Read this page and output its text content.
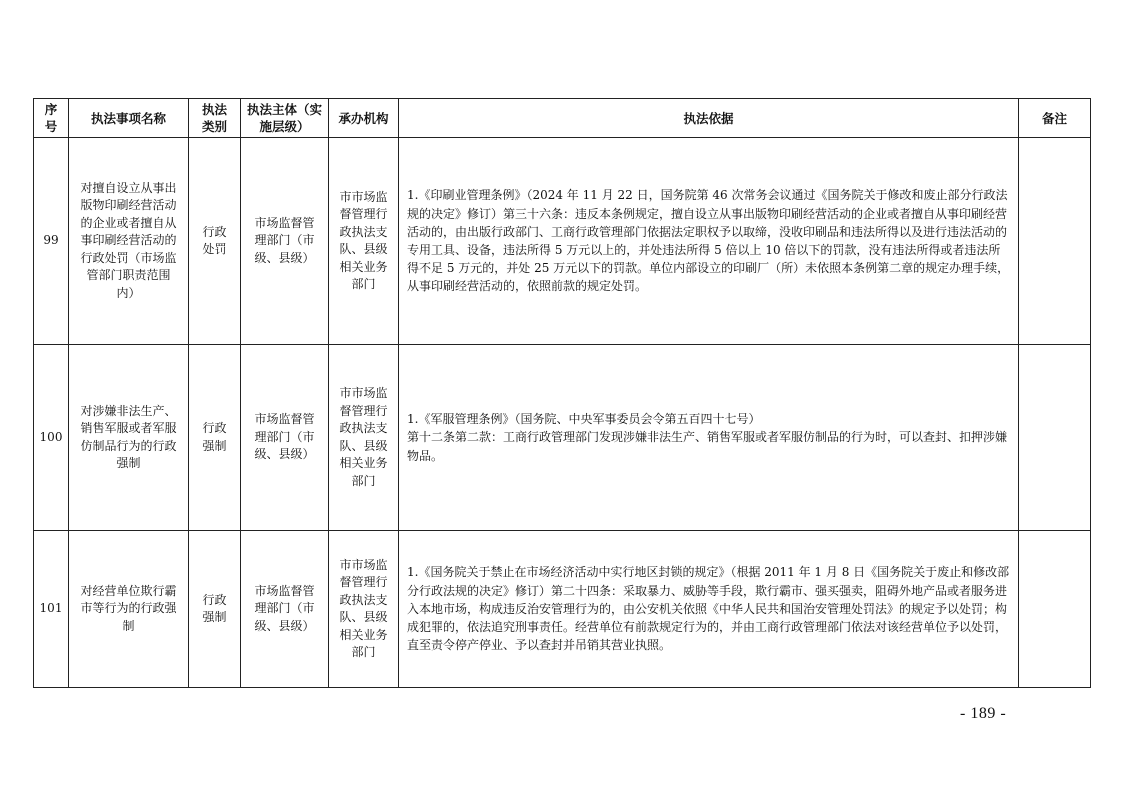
序号	执法事项名称	执法类别	执法主体（实施层级）	承办机构	执法依据	备注
99	对擅自设立从事出版物印刷经营活动的企业或者擅自从事印刷经营活动的行政处罚（市场监管部门职责范围内）	行政处罚	市场监督管理部门（市级、县级）	市市场监督管理行政执法支队、县级相关业务部门	1.《印刷业管理条例》（2024 年 11 月 22 日，国务院第 46 次常务会议通过《国务院关于修改和废止部分行政法规的决定》修订）第三十六条：违反本条例规定，擅自设立从事出版物印刷经营活动的企业或者擅自从事印刷经营活动的，由出版行政部门、工商行政管理部门依据法定职权予以取缔，没收印刷品和违法所得以及进行违法活动的专用工具、设备，违法所得 5 万元以上的，并处违法所得 5 倍以上 10 倍以下的罚款，没有违法所得或者违法所得不足 5 万元的，并处 25 万元以下的罚款。单位内部设立的印刷厂（所）未依照本条例第二章的规定办理手续，从事印刷经营活动的，依照前款的规定处罚。	

100	对涉嫌非法生产、销售军服或者军服仿制品行为的行政强制	行政强制	市场监督管理部门（市级、县级）	市市场监督管理行政执法支队、县级相关业务部门	1.《军服管理条例》（国务院、中央军事委员会令第五百四十七号）
第十二条第二款：工商行政管理部门发现涉嫌非法生产、销售军服或者军服仿制品的行为时，可以查封、扣押涉嫌物品。	

101	对经营单位欺行霸市等行为的行政强制	行政强制	市场监督管理部门（市级、县级）	市市场监督管理行政执法支队、县级相关业务部门	1.《国务院关于禁止在市场经济活动中实行地区封锁的规定》（根据 2011 年 1 月 8 日《国务院关于废止和修改部分行政法规的决定》修订）第二十四条：采取暴力、威胁等手段，欺行霸市、强买强卖，阻碍外地产品或者服务进入本地市场，构成违反治安管理行为的，由公安机关依照《中华人民共和国治安管理处罚法》的规定予以处罚；构成犯罪的，依法追究刑事责任。经营单位有前款规定行为的，并由工商行政管理部门依法对该经营单位予以处罚，直至责令停产停业、予以查封并吊销其营业执照。	

- 189 -
